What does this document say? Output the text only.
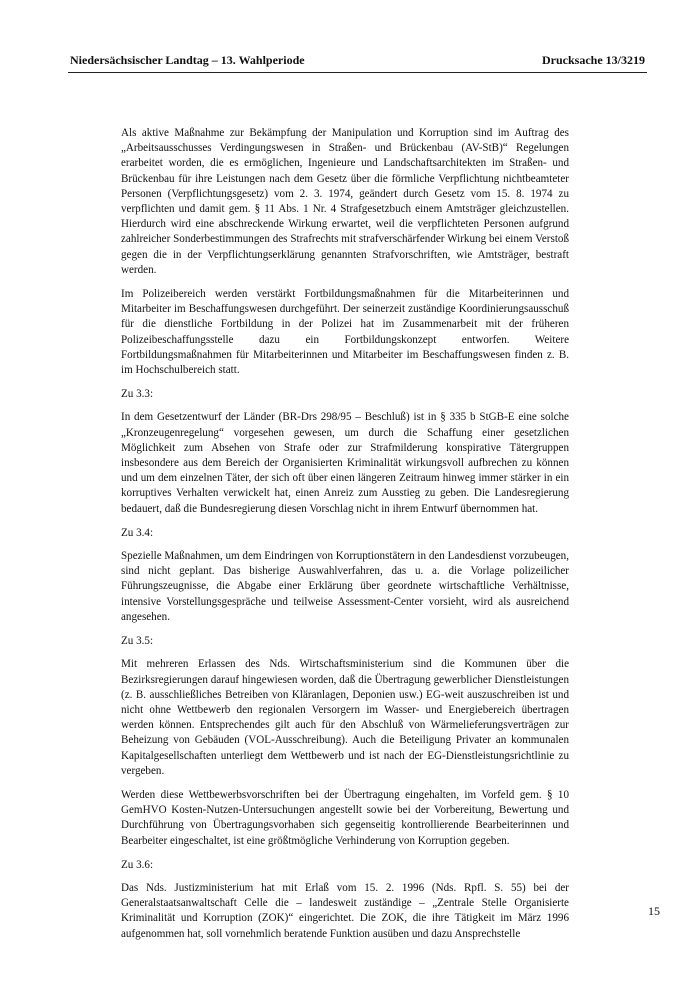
Niedersächsischer Landtag – 13. Wahlperiode	Drucksache 13/3219

Als aktive Maßnahme zur Bekämpfung der Manipulation und Korruption sind im Auftrag des „Arbeitsausschusses Verdingungswesen in Straßen- und Brückenbau (AV-StB)“ Regelungen erarbeitet worden, die es ermöglichen, Ingenieure und Landschaftsarchitekten im Straßen- und Brückenbau für ihre Leistungen nach dem Gesetz über die förmliche Verpflichtung nichtbeamteter Personen (Verpflichtungsgesetz) vom 2. 3. 1974, geändert durch Gesetz vom 15. 8. 1974 zu verpflichten und damit gem. § 11 Abs. 1 Nr. 4 Strafgesetzbuch einem Amtsträger gleichzustellen. Hierdurch wird eine abschreckende Wirkung erwartet, weil die verpflichteten Personen aufgrund zahlreicher Sonderbestimmungen des Strafrechts mit strafverschärfender Wirkung bei einem Verstoß gegen die in der Verpflichtungserklärung genannten Strafvorschriften, wie Amtsträger, bestraft werden.

Im Polizeibereich werden verstärkt Fortbildungsmaßnahmen für die Mitarbeiterinnen und Mitarbeiter im Beschaffungswesen durchgeführt. Der seinerzeit zuständige Koordinierungsausschuß für die dienstliche Fortbildung in der Polizei hat im Zusammenarbeit mit der früheren Polizeibeschaffungsstelle dazu ein Fortbildungskonzept entworfen. Weitere Fortbildungsmaßnahmen für Mitarbeiterinnen und Mitarbeiter im Beschaffungswesen finden z. B. im Hochschulbereich statt.

Zu 3.3:

In dem Gesetzentwurf der Länder (BR-Drs 298/95 – Beschluß) ist in § 335 b StGB-E eine solche „Kronzeugenregelung“ vorgesehen gewesen, um durch die Schaffung einer gesetzlichen Möglichkeit zum Absehen von Strafe oder zur Strafmilderung konspirative Tätergruppen insbesondere aus dem Bereich der Organisierten Kriminalität wirkungsvoll aufbrechen zu können und um dem einzelnen Täter, der sich oft über einen längeren Zeitraum hinweg immer stärker in ein korruptives Verhalten verwickelt hat, einen Anreiz zum Ausstieg zu geben. Die Landesregierung bedauert, daß die Bundesregierung diesen Vorschlag nicht in ihrem Entwurf übernommen hat.

Zu 3.4:

Spezielle Maßnahmen, um dem Eindringen von Korruptionstätern in den Landesdienst vorzubeugen, sind nicht geplant. Das bisherige Auswahlverfahren, das u. a. die Vorlage polizeilicher Führungszeugnisse, die Abgabe einer Erklärung über geordnete wirtschaftliche Verhältnisse, intensive Vorstellungsgespräche und teilweise Assessment-Center vorsieht, wird als ausreichend angesehen.

Zu 3.5:

Mit mehreren Erlassen des Nds. Wirtschaftsministerium sind die Kommunen über die Bezirksregierungen darauf hingewiesen worden, daß die Übertragung gewerblicher Dienstleistungen (z. B. ausschließliches Betreiben von Kläranlagen, Deponien usw.) EG-weit auszuschreiben ist und nicht ohne Wettbewerb den regionalen Versorgern im Wasser- und Energiebereich übertragen werden können. Entsprechendes gilt auch für den Abschluß von Wärmelieferungsverträgen zur Beheizung von Gebäuden (VOL-Ausschreibung). Auch die Beteiligung Privater an kommunalen Kapitalgesellschaften unterliegt dem Wettbewerb und ist nach der EG-Dienstleistungsrichtlinie zu vergeben.

Werden diese Wettbewerbsvorschriften bei der Übertragung eingehalten, im Vorfeld gem. § 10 GemHVO Kosten-Nutzen-Untersuchungen angestellt sowie bei der Vorbereitung, Bewertung und Durchführung von Übertragungsvorhaben sich gegenseitig kontrollierende Bearbeiterinnen und Bearbeiter eingeschaltet, ist eine größtmögliche Verhinderung von Korruption gegeben.

Zu 3.6:

Das Nds. Justizministerium hat mit Erlaß vom 15. 2. 1996 (Nds. Rpfl. S. 55) bei der Generalstaatsanwaltschaft Celle die – landesweit zuständige – „Zentrale Stelle Organisierte Kriminalität und Korruption (ZOK)“ eingerichtet. Die ZOK, die ihre Tätigkeit im März 1996 aufgenommen hat, soll vornehmlich beratende Funktion ausüben und dazu Ansprechstelle

15
